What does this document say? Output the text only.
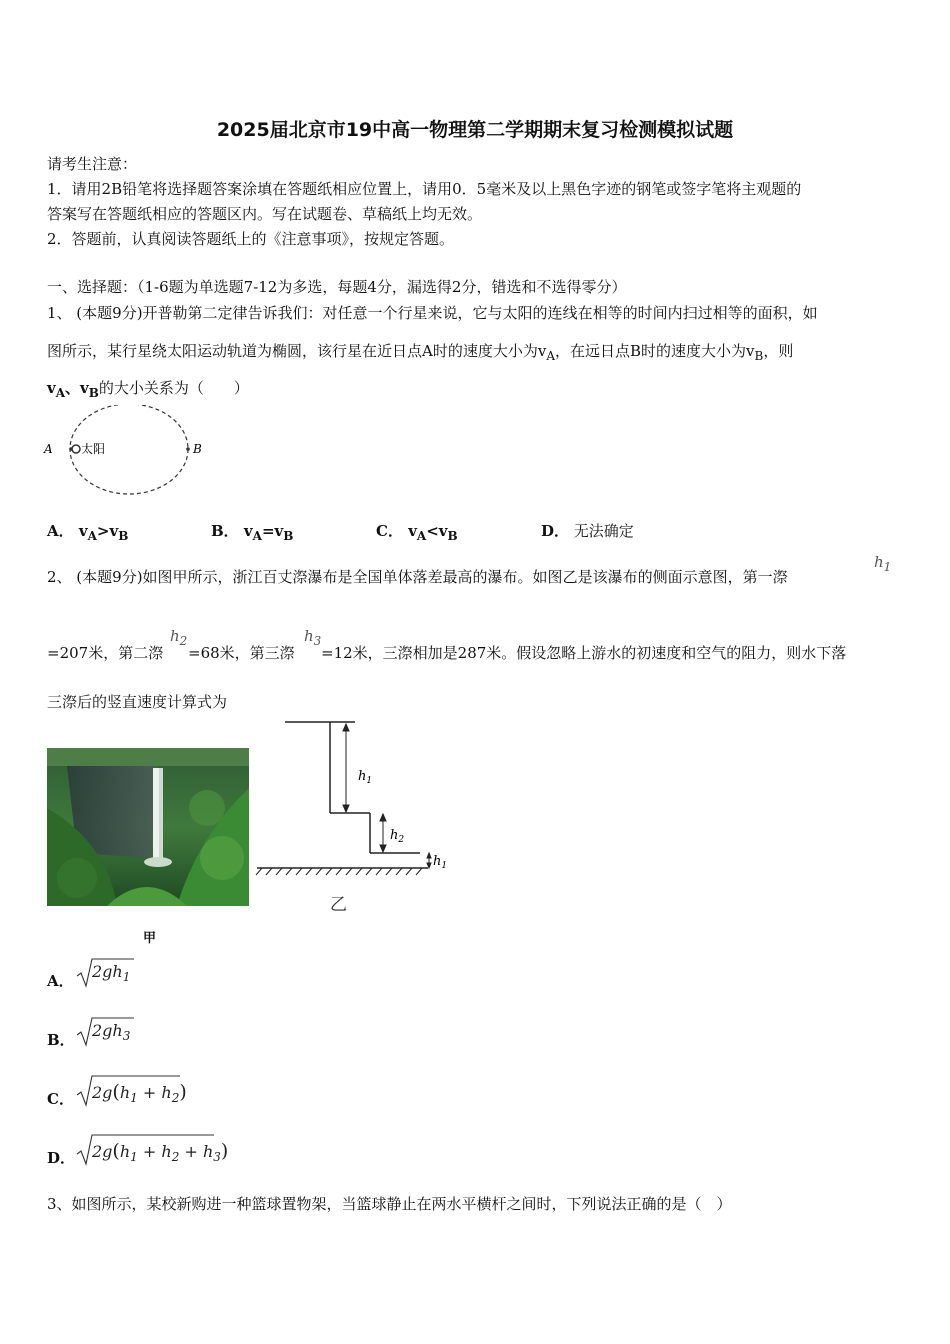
2025届北京市19中高一物理第二学期期末复习检测模拟试题
请考生注意：
1．请用2B铅笔将选择题答案涂填在答题纸相应位置上，请用0．5毫米及以上黑色字迹的钢笔或签字笔将主观题的
答案写在答题纸相应的答题区内。写在试题卷、草稿纸上均无效。
2．答题前，认真阅读答题纸上的《注意事项》，按规定答题。
一、选择题：（1-6题为单选题7-12为多选，每题4分，漏选得2分，错选和不选得零分）
1、 (本题9分)开普勒第二定律告诉我们：对任意一个行星来说，它与太阳的连线在相等的时间内扫过相等的面积，如
图所示，某行星绕太阳运动轨道为椭圆，该行星在近日点A时的速度大小为$v_A$，在远日点B时的速度大小为$v_B$，则
$v_A$、$v_B$的大小关系为（　　）
A	B
太阳
A． $v_A>v_B$	B． $v_A=v_B$	C． $v_A<v_B$	D． 无法确定
2、 (本题9分)如图甲所示，浙江百丈漈瀑布是全国单体落差最高的瀑布。如图乙是该瀑布的侧面示意图，第一漈
$h_1$
=207米，第二漈
$h_2$
=68米，第三漈
$h_3$
=12米，三漈相加是287米。假设忽略上游水的初速度和空气的阻力，则水下落
三漈后的竖直速度计算式为
甲
$h_1$
$h_2$
$h_1$
乙
A． $2gh_1$
B． $2gh_3$
C． $2g(h_1 + h_2)$
D． $2g(h_1 + h_2 + h_3)$
3、如图所示，某校新购进一种篮球置物架，当篮球静止在两水平横杆之间时，下列说法正确的是（　）
